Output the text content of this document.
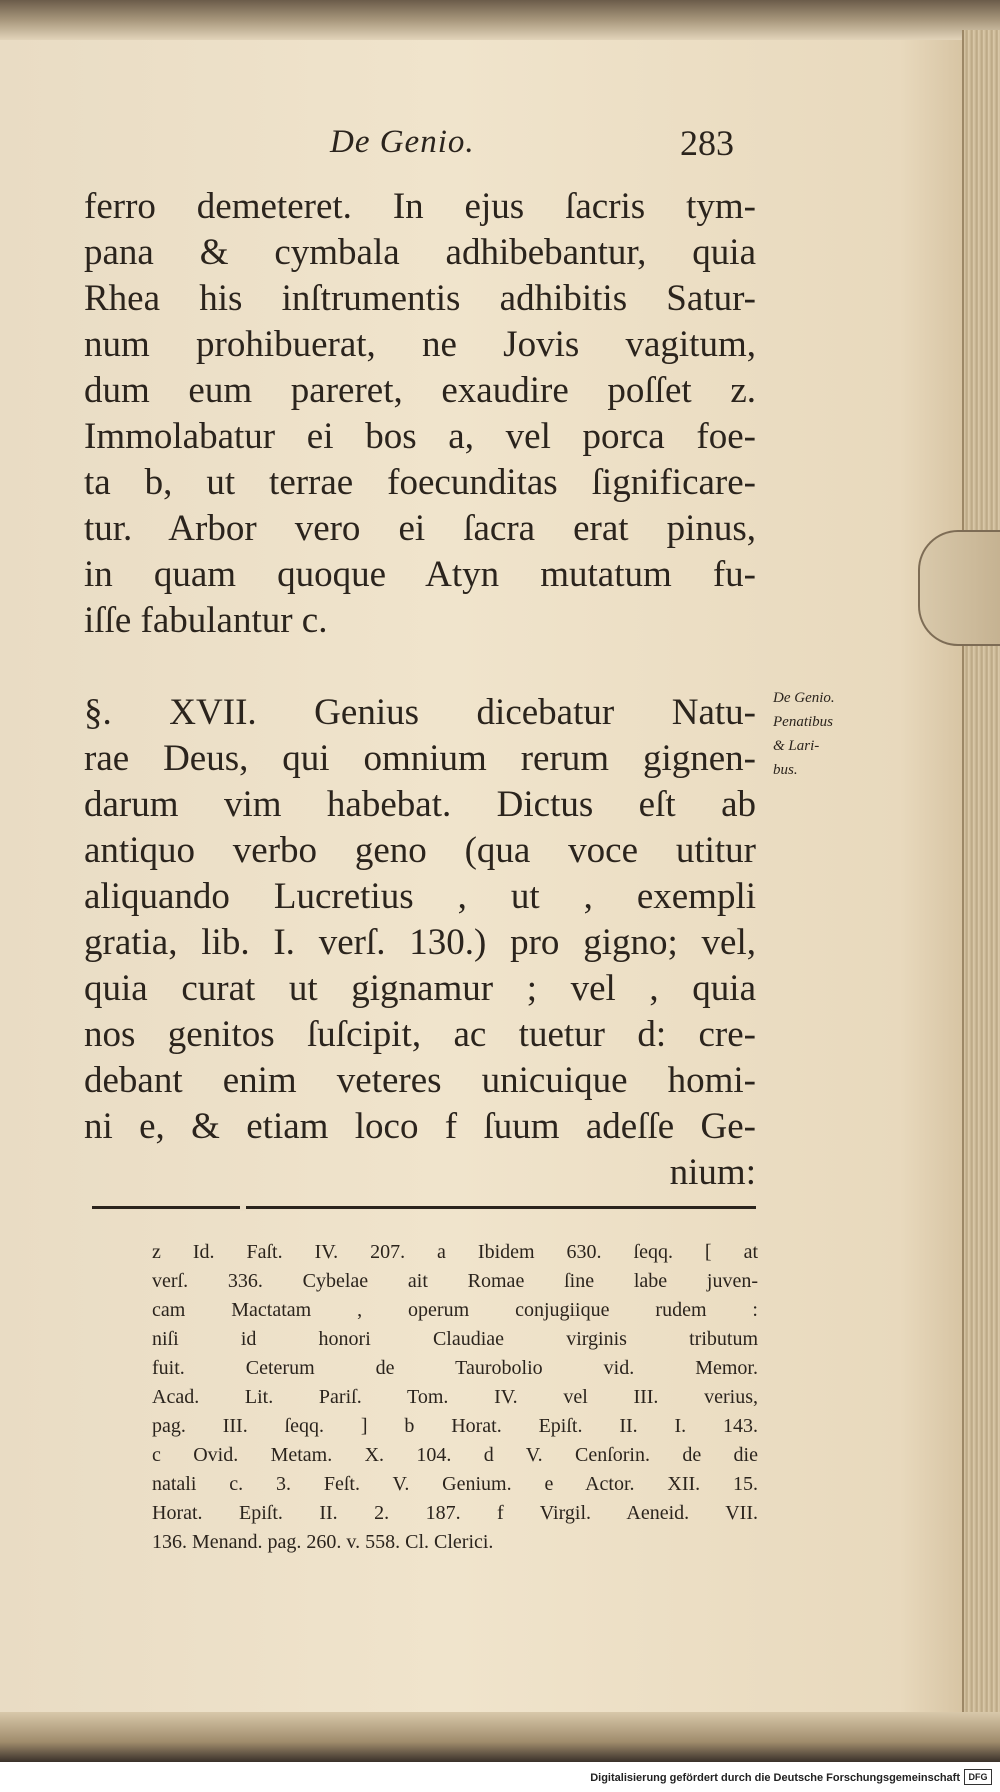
De Genio.	283
ferro demeteret. In ejus ſacris tym-
pana & cymbala adhibebantur, quia
Rhea his inſtrumentis adhibitis Satur-
num prohibuerat, ne Jovis vagitum,
dum eum pareret, exaudire poſſet z.
Immolabatur ei bos a, vel porca foe-
ta b, ut terrae foecunditas ſignificare-
tur. Arbor vero ei ſacra erat pinus,
in quam quoque Atyn mutatum fu-
iſſe fabulantur c.
§. XVII. Genius dicebatur Natu-
rae Deus, qui omnium rerum gignen-
darum vim habebat. Dictus eſt ab
antiquo verbo geno (qua voce utitur
aliquando Lucretius , ut , exempli
gratia, lib. I. verſ. 130.) pro gigno; vel,
quia curat ut gignamur ; vel , quia
nos genitos ſuſcipit, ac tuetur d: cre-
debant enim veteres unicuique homi-
ni e, & etiam loco f ſuum adeſſe Ge-
nium:
De Genio.
Penatibus
& Lari-
bus.
z Id. Faſt. IV. 207. a Ibidem 630. ſeqq. [ at
verſ. 336. Cybelae ait Romae ſine labe juven-
cam Mactatam , operum conjugiique rudem :
niſi id honori Claudiae virginis tributum
fuit. Ceterum de Taurobolio vid. Memor.
Acad. Lit. Pariſ. Tom. IV. vel III. verius,
pag. III. ſeqq. ] b Horat. Epiſt. II. I. 143.
c Ovid. Metam. X. 104. d V. Cenſorin. de die
natali c. 3. Feſt. V. Genium. e Actor. XII. 15.
Horat. Epiſt. II. 2. 187. f Virgil. Aeneid. VII.
136. Menand. pag. 260. v. 558. Cl. Clerici.
Digitalisierung gefördert durch die Deutsche Forschungsgemeinschaft DFG
